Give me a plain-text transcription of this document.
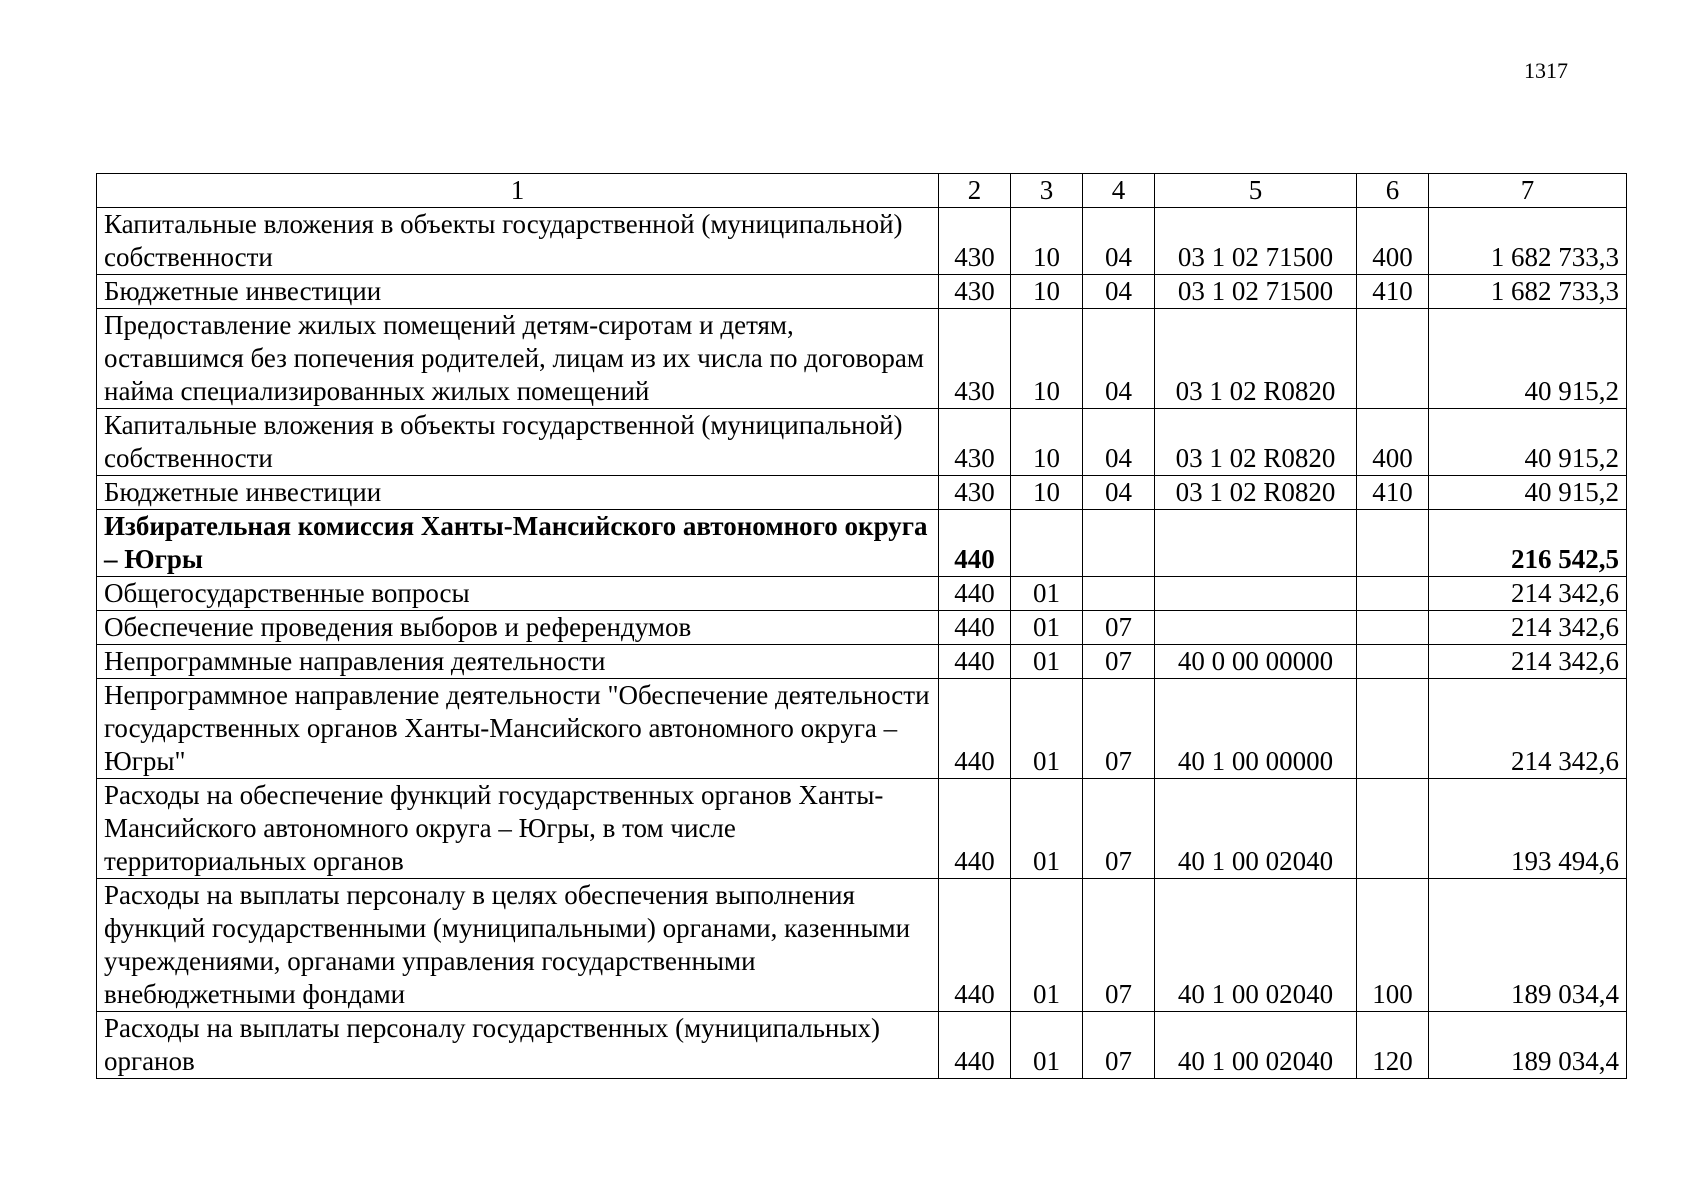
1317
1	2	3	4	5	6	7
Капитальные вложения в объекты государственной (муниципальной) собственности	430	10	04	03 1 02 71500	400	1 682 733,3
Бюджетные инвестиции	430	10	04	03 1 02 71500	410	1 682 733,3
Предоставление жилых помещений детям-сиротам и детям, оставшимся без попечения родителей, лицам из их числа по договорам найма специализированных жилых помещений	430	10	04	03 1 02 R0820		40 915,2
Капитальные вложения в объекты государственной (муниципальной) собственности	430	10	04	03 1 02 R0820	400	40 915,2
Бюджетные инвестиции	430	10	04	03 1 02 R0820	410	40 915,2
Избирательная комиссия Ханты-Мансийского автономного округа – Югры	440					216 542,5
Общегосударственные вопросы	440	01				214 342,6
Обеспечение проведения выборов и референдумов	440	01	07			214 342,6
Непрограммные направления деятельности	440	01	07	40 0 00 00000		214 342,6
Непрограммное направление деятельности "Обеспечение деятельности государственных органов Ханты-Мансийского автономного округа – Югры"	440	01	07	40 1 00 00000		214 342,6
Расходы на обеспечение функций государственных органов Ханты-Мансийского автономного округа – Югры, в том числе территориальных органов	440	01	07	40 1 00 02040		193 494,6
Расходы на выплаты персоналу в целях обеспечения выполнения функций государственными (муниципальными) органами, казенными учреждениями, органами управления государственными внебюджетными фондами	440	01	07	40 1 00 02040	100	189 034,4
Расходы на выплаты персоналу государственных (муниципальных) органов	440	01	07	40 1 00 02040	120	189 034,4
